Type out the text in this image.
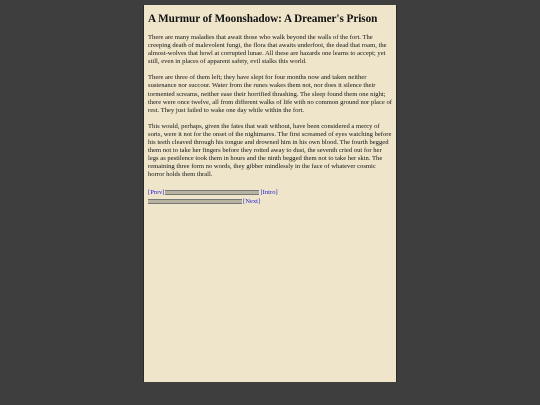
A Murmur of Moonshadow: A Dreamer's Prison

There are many maladies that await those who walk beyond the walls of the fort. The creeping death of malevolent fungi, the flora that awaits underfoot, the dead that roam, the almost-wolves that howl at corrupted lunae. All these are hazards one learns to accept; yet still, even in places of apparent safety, evil stalks this world.

There are three of them left; they have slept for four months now and taken neither sustenance nor succour. Water from the runes wakes them not, nor does it silence their tormented screams, neither ease their horrified thrashing. The sleep found them one night; there were once twelve, all from different walks of life with no common ground nor place of rest. They just failed to wake one day while within the fort.

This would, perhaps, given the fates that wait without, have been considered a mercy of sorts, were it not for the onset of the nightmares. The first screamed of eyes watching before his teeth cleaved through his tongue and drowned him in his own blood. The fourth begged them not to take her fingers before they rotted away to dust, the seventh cried out for her legs as pestilence took them in hours and the ninth begged them not to take her skin. The remaining three form no words, they gibber mindlessly in the face of whatever cosmic horror holds them thrall.

[Prev]	[Intro]
[Next]
